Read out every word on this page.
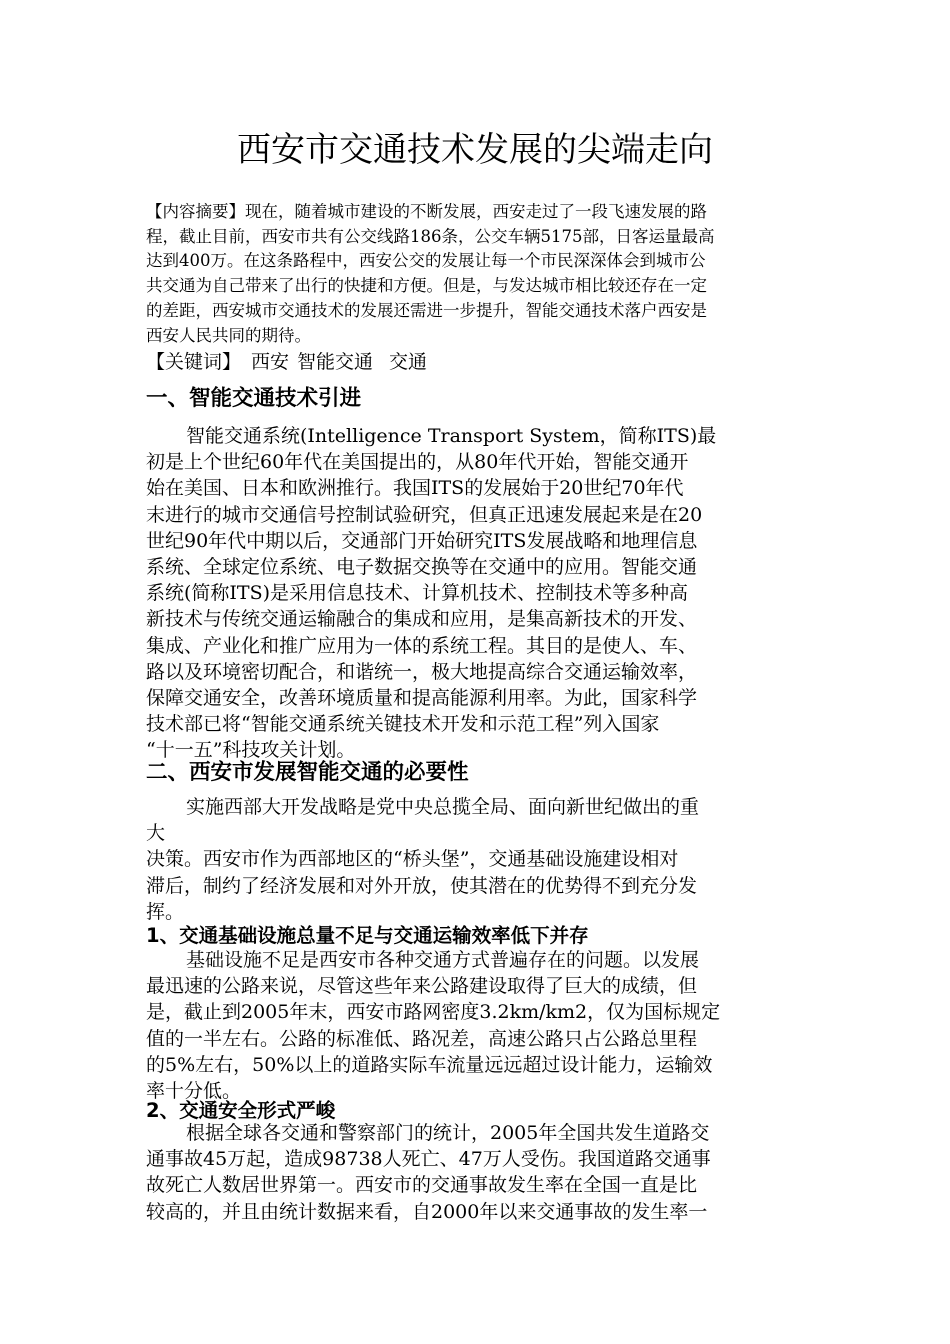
西安市交通技术发展的尖端走向
【内容摘要】现在，随着城市建设的不断发展，西安走过了一段飞速发展的路
程，截止目前，西安市共有公交线路186条，公交车辆5175部，日客运量最高
达到400万。在这条路程中，西安公交的发展让每一个市民深深体会到城市公
共交通为自己带来了出行的快捷和方便。但是，与发达城市相比较还存在一定
的差距，西安城市交通技术的发展还需进一步提升，智能交通技术落户西安是
西安人民共同的期待。

【关键词】 西安 智能交通 交通

一、智能交通技术引进
智能交通系统(Intelligence Transport System，简称ITS)最
初是上个世纪60年代在美国提出的，从80年代开始，智能交通开
始在美国、日本和欧洲推行。我国ITS的发展始于20世纪70年代
末进行的城市交通信号控制试验研究，但真正迅速发展起来是在20
世纪90年代中期以后，交通部门开始研究ITS发展战略和地理信息
系统、全球定位系统、电子数据交换等在交通中的应用。智能交通
系统(简称ITS)是采用信息技术、计算机技术、控制技术等多种高
新技术与传统交通运输融合的集成和应用，是集高新技术的开发、
集成、产业化和推广应用为一体的系统工程。其目的是使人、车、
路以及环境密切配合，和谐统一，极大地提高综合交通运输效率，
保障交通安全，改善环境质量和提高能源利用率。为此，国家科学
技术部已将“智能交通系统关键技术开发和示范工程”列入国家
“十一五”科技攻关计划。
二、西安市发展智能交通的必要性
实施西部大开发战略是党中央总揽全局、面向新世纪做出的重
大
决策。西安市作为西部地区的“桥头堡”，交通基础设施建设相对
滞后，制约了经济发展和对外开放，使其潜在的优势得不到充分发
挥。
1、交通基础设施总量不足与交通运输效率低下并存
基础设施不足是西安市各种交通方式普遍存在的问题。以发展
最迅速的公路来说，尽管这些年来公路建设取得了巨大的成绩，但
是，截止到2005年末，西安市路网密度3.2km/km2，仅为国标规定
值的一半左右。公路的标准低、路况差，高速公路只占公路总里程
的5%左右，50%以上的道路实际车流量远远超过设计能力，运输效
率十分低。
2、交通安全形式严峻
根据全球各交通和警察部门的统计，2005年全国共发生道路交
通事故45万起，造成98738人死亡、47万人受伤。我国道路交通事
故死亡人数居世界第一。西安市的交通事故发生率在全国一直是比
较高的，并且由统计数据来看，自2000年以来交通事故的发生率一
